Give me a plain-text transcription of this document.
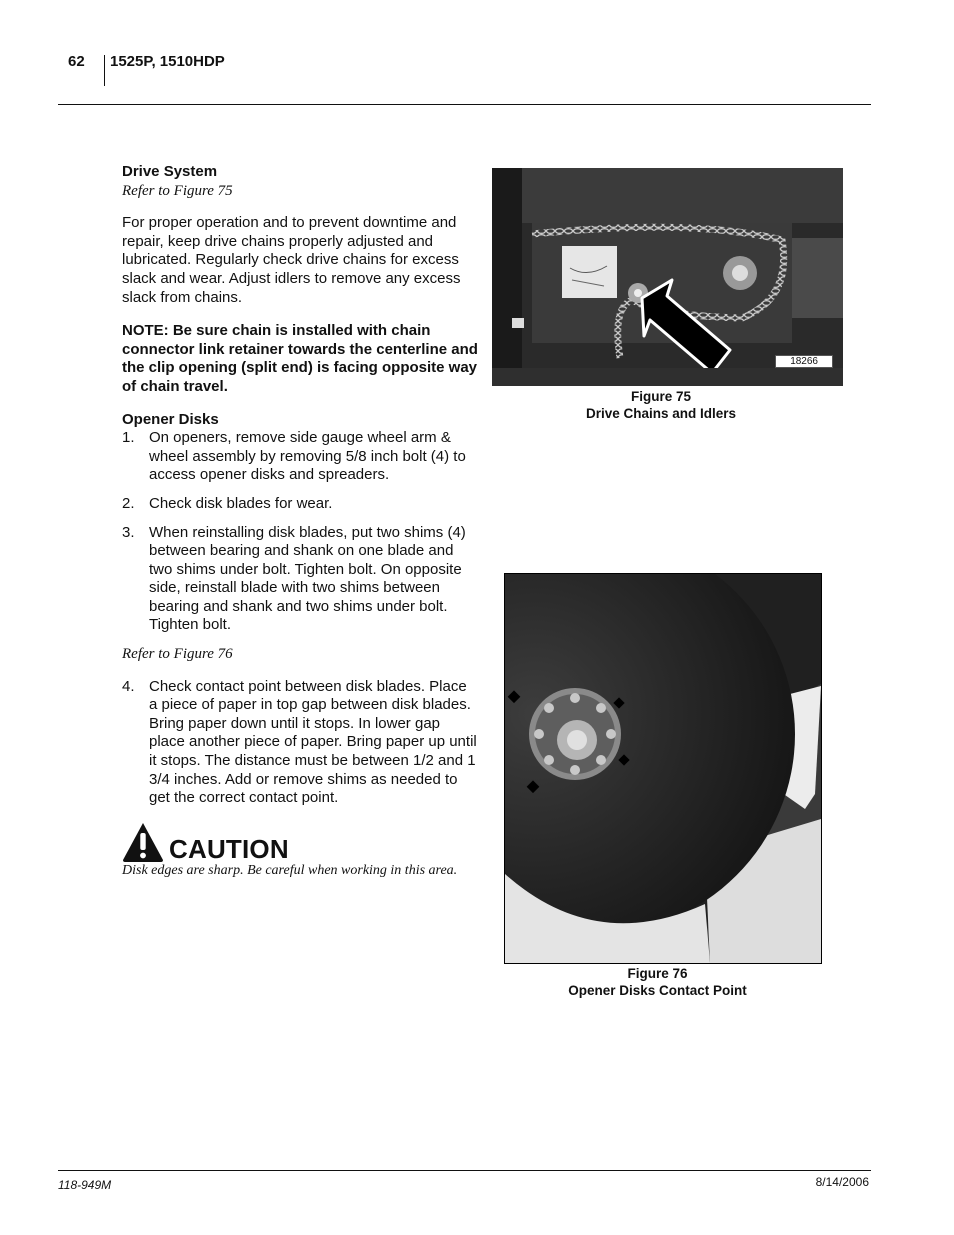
62 1525P, 1510HDP
Drive System
Refer to Figure 75

For proper operation and to prevent downtime and repair, keep drive chains properly adjusted and lubricated. Regularly check drive chains for excess slack and wear. Adjust idlers to remove any excess slack from chains.

NOTE: Be sure chain is installed with chain connector link retainer towards the centerline and the clip opening (split end) is facing opposite way of chain travel.

Opener Disks
1. On openers, remove side gauge wheel arm & wheel assembly by removing 5/8 inch bolt (4) to access opener disks and spreaders.
2. Check disk blades for wear.
3. When reinstalling disk blades, put two shims (4) between bearing and shank on one blade and two shims under bolt. Tighten bolt. On opposite side, reinstall blade with two shims between bearing and shank and two shims under bolt. Tighten bolt.
Refer to Figure 76
4. Check contact point between disk blades. Place a piece of paper in top gap between disk blades. Bring paper down until it stops. In lower gap place another piece of paper. Bring paper up until it stops. The distance must be between 1/2 and 1 3/4 inches. Add or remove shims as needed to get the correct contact point.
CAUTION
Disk edges are sharp. Be careful when working in this area.
18266
Figure 75
Drive Chains and Idlers
Figure 76
Opener Disks Contact Point
118-949M	8/14/2006
